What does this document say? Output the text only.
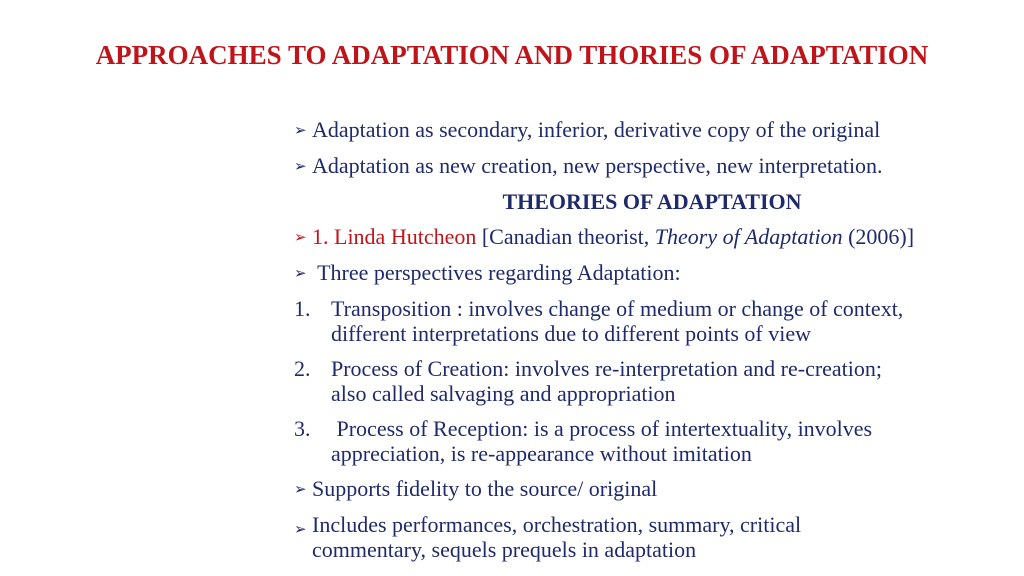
APPROACHES TO ADAPTATION AND THORIES OF ADAPTATION
➢ Adaptation as secondary, inferior, derivative copy of the original
➢ Adaptation as new creation, new perspective, new interpretation.
THEORIES OF ADAPTATION
➢ 1. Linda Hutcheon [Canadian theorist, Theory of Adaptation (2006)]
➢ Three perspectives regarding Adaptation:
1. Transposition : involves change of medium or change of context,
different interpretations due to different points of view
2. Process of Creation: involves re-interpretation and re-creation;
also called salvaging and appropriation
3. Process of Reception: is a process of intertextuality, involves
appreciation, is re-appearance without imitation
➢ Supports fidelity to the source/ original
➢ Includes performances, orchestration, summary, critical
commentary, sequels prequels in adaptation
